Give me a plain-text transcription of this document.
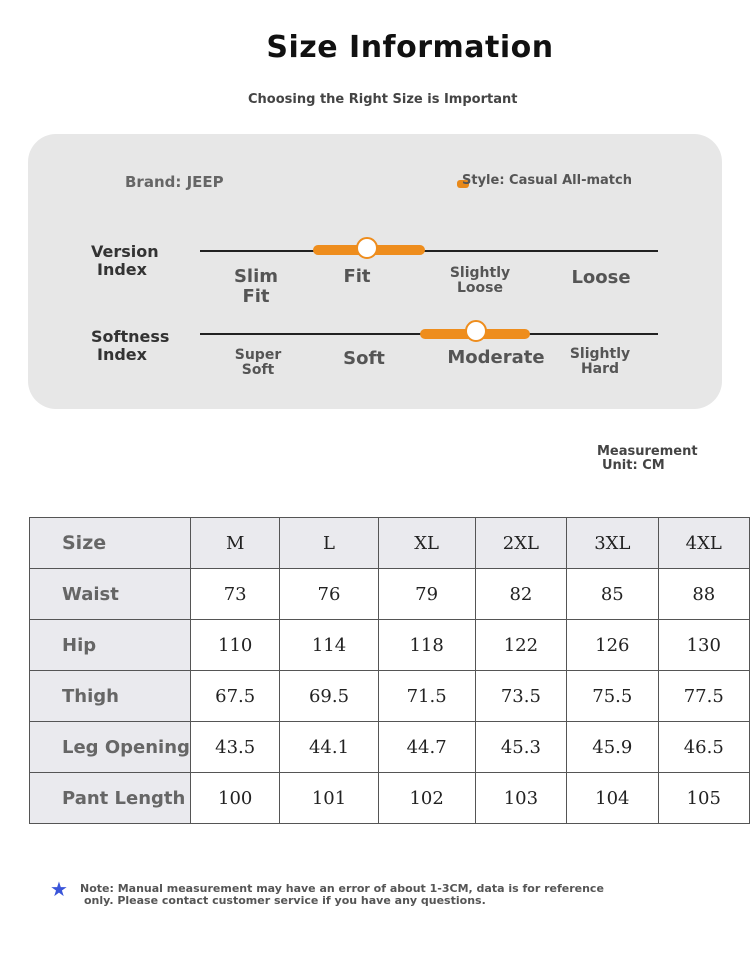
Size Information
Choosing the Right Size is Important
Brand: JEEP	Style: Casual All-match
Version
Index	Slim
Fit
Fit	Slightly
Loose	Loose
Softness
Index	Super
Soft
Soft	Moderate	Slightly
Hard
Measurement
Unit: CM
Size	M	L	XL	2XL	3XL	4XL
Waist	73	76	79	82	85	88
Hip	110	114	118	122	126	130
Thigh	67.5	69.5	71.5	73.5	75.5	77.5
Leg Opening	43.5	44.1	44.7	45.3	45.9	46.5
Pant Length	100	101	102	103	104	105
★ Note: Manual measurement may have an error of about 1-3CM, data is for reference
only. Please contact customer service if you have any questions.
